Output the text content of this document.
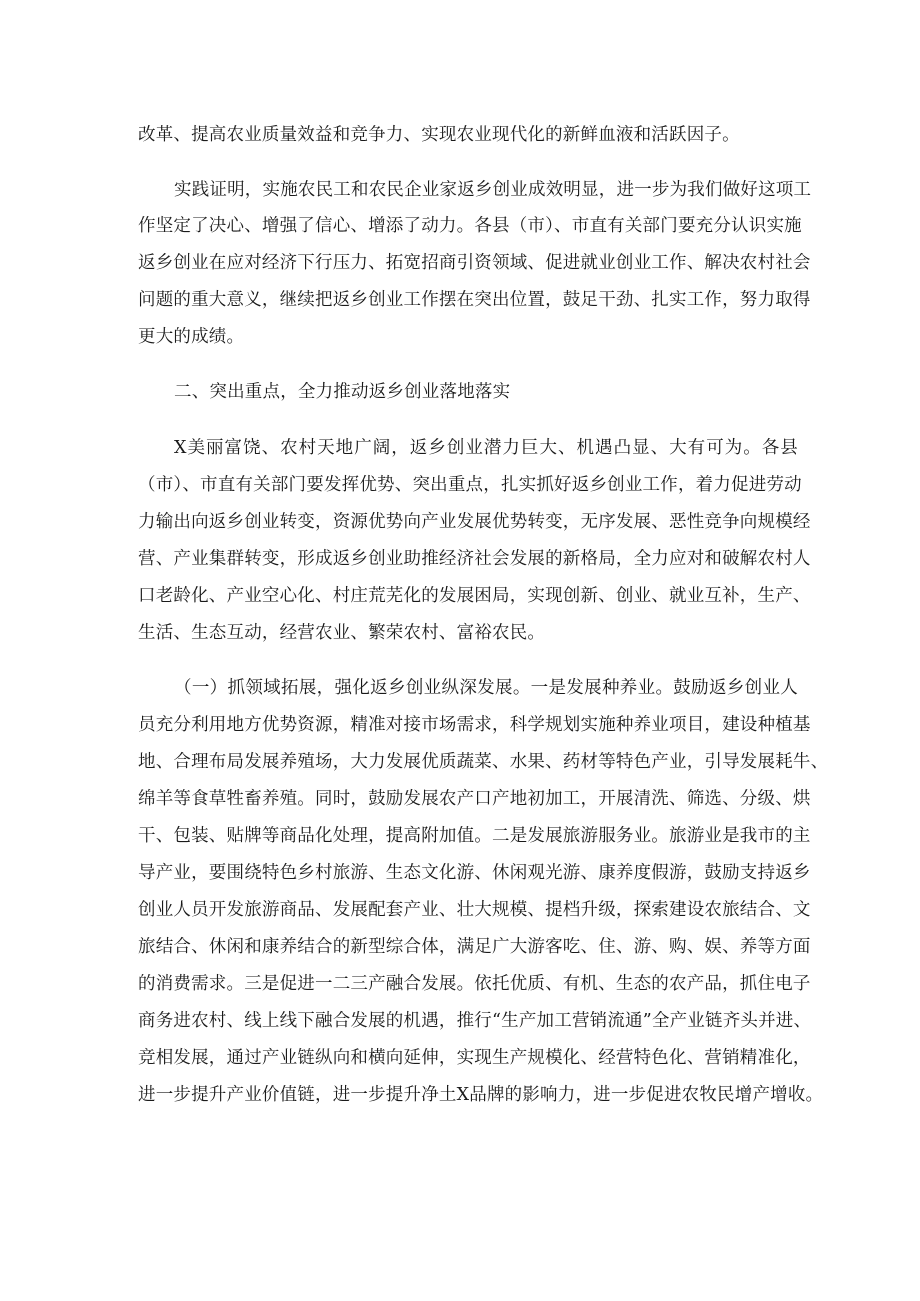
改革、提高农业质量效益和竞争力、实现农业现代化的新鲜血液和活跃因子。
实践证明，实施农民工和农民企业家返乡创业成效明显，进一步为我们做好这项工
作坚定了决心、增强了信心、增添了动力。各县（市）、市直有关部门要充分认识实施
返乡创业在应对经济下行压力、拓宽招商引资领域、促进就业创业工作、解决农村社会
问题的重大意义，继续把返乡创业工作摆在突出位置，鼓足干劲、扎实工作，努力取得
更大的成绩。
二、突出重点，全力推动返乡创业落地落实
X美丽富饶、农村天地广阔，返乡创业潜力巨大、机遇凸显、大有可为。各县
（市）、市直有关部门要发挥优势、突出重点，扎实抓好返乡创业工作，着力促进劳动
力输出向返乡创业转变，资源优势向产业发展优势转变，无序发展、恶性竞争向规模经
营、产业集群转变，形成返乡创业助推经济社会发展的新格局，全力应对和破解农村人
口老龄化、产业空心化、村庄荒芜化的发展困局，实现创新、创业、就业互补，生产、
生活、生态互动，经营农业、繁荣农村、富裕农民。
（一）抓领域拓展，强化返乡创业纵深发展。一是发展种养业。鼓励返乡创业人
员充分利用地方优势资源，精准对接市场需求，科学规划实施种养业项目，建设种植基
地、合理布局发展养殖场，大力发展优质蔬菜、水果、药材等特色产业，引导发展耗牛、
绵羊等食草牲畜养殖。同时，鼓励发展农产口产地初加工，开展清洗、筛选、分级、烘
干、包装、贴牌等商品化处理，提高附加值。二是发展旅游服务业。旅游业是我市的主
导产业，要围绕特色乡村旅游、生态文化游、休闲观光游、康养度假游，鼓励支持返乡
创业人员开发旅游商品、发展配套产业、壮大规模、提档升级，探索建设农旅结合、文
旅结合、休闲和康养结合的新型综合体，满足广大游客吃、住、游、购、娱、养等方面
的消费需求。三是促进一二三产融合发展。依托优质、有机、生态的农产品，抓住电子
商务进农村、线上线下融合发展的机遇，推行“生产加工营销流通”全产业链齐头并进、
竞相发展，通过产业链纵向和横向延伸，实现生产规模化、经营特色化、营销精准化，
进一步提升产业价值链，进一步提升净土X品牌的影响力，进一步促进农牧民增产增收。
